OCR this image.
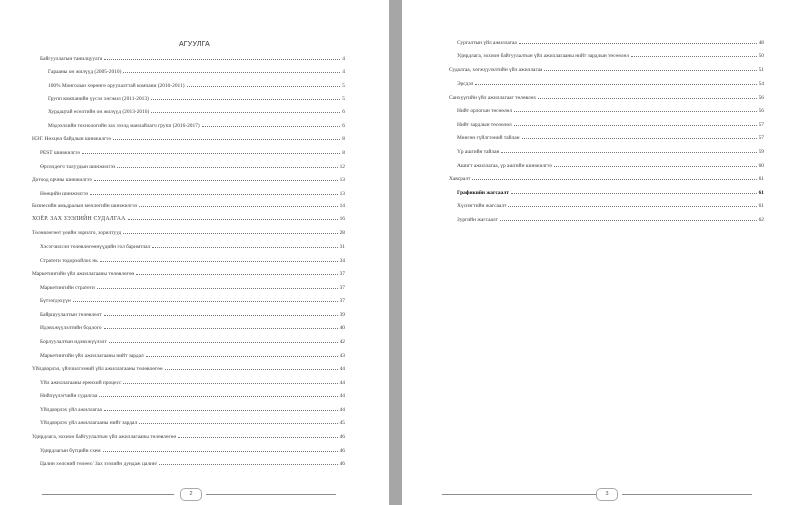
АГУУЛГА
Байгууллагын танилцуулга	4
Гарааны он жилүүд (2005-2010)	4
100% Монголын хөрөнгө оруулалттай компани (2010-2011)	5
Групп компанийн үүсэл хөгжил (2011-2013)	5
Хурдацтай өсөлтийн он жилүүд (2013-2016)	6
Мэдээллийн технологийн зах зээлд манлайлагч групп (2016-2017)	6
НЭГ. Нөхцөл байдлын шинжилгээ	8
PEST шинжилгээ	8
Өрсөлдөгч талуудын шинжилгээ	12
Дотоод орчны шинжилгээ	13
Нөөцийн шинжилгээ	13
Бизнесийн амьдралын мөчлөгийн шинжилгээ	14
ХОЁР. ЗАХ ЗЭЭЛИЙН СУДАЛГАА	16
Төлөвлөгөөт үеийн зорилго, зорилтууд	28
Хэсэгчилсэн төлөвлөгөөнүүдийн гол баримтлал	31
Стратеги тодорхойлох нь	34
Маркетингийн үйл ажиллагааны төлөвлөгөө	37
Маркетингийн стратеги	37
Бүтээгдэхүүн	37
Байршуулалтын төлөвлөлт	39
Идэвхжүүлэлтийн бодлого	40
Борлуулалтын идэвхжүүлэлт	42
Маркетингийн үйл ажиллагааны нийт зардал	43
Үйлдвэрлэл, үйлчилгээний үйл ажиллагааны төлөвлөгөө	44
Үйл ажиллагааны ерөнхий процесс	44
Нийлүүлэгчийн судалгаа	44
Үйлдвэрлэх үйл ажиллагаа	44
Үйлдвэрлэх үйл ажиллагааны нийт зардал	45
Удирдлага, зохион байгуулалтын үйл ажиллагааны төлөвлөгөө	46
Удирдлагын бүтцийн схем	46
Цалин хөлсний төлөөс/ Зах зээлийн дундаж цалин/	46
2
Сургалтын үйл ажиллагаа	48
Удирдлага, зохион байгуулалтын үйл ажиллагааны нийт зардлын төсөөлөл	50
Судалгаа, хөгжүүлэлтийн үйл ажиллагаа	51
Эрсдэл	54
Санхүүгийн үйл ажиллагааг төлөвлөх	56
Нийт орлогын төсөөлөл	56
Нийт зардлын төсөөлөл	57
Мөнгөн гүйлгээний тайлан	57
Үр ашгийн тайлан	59
Ашигт ажиллагаа, үр ашгийн шинжилгээ	60
Хавсралт	61
Графикийн жагсаалт	61
Хүснэгтийн жагсаалт	61
Зургийн жагсаалт	62
3
